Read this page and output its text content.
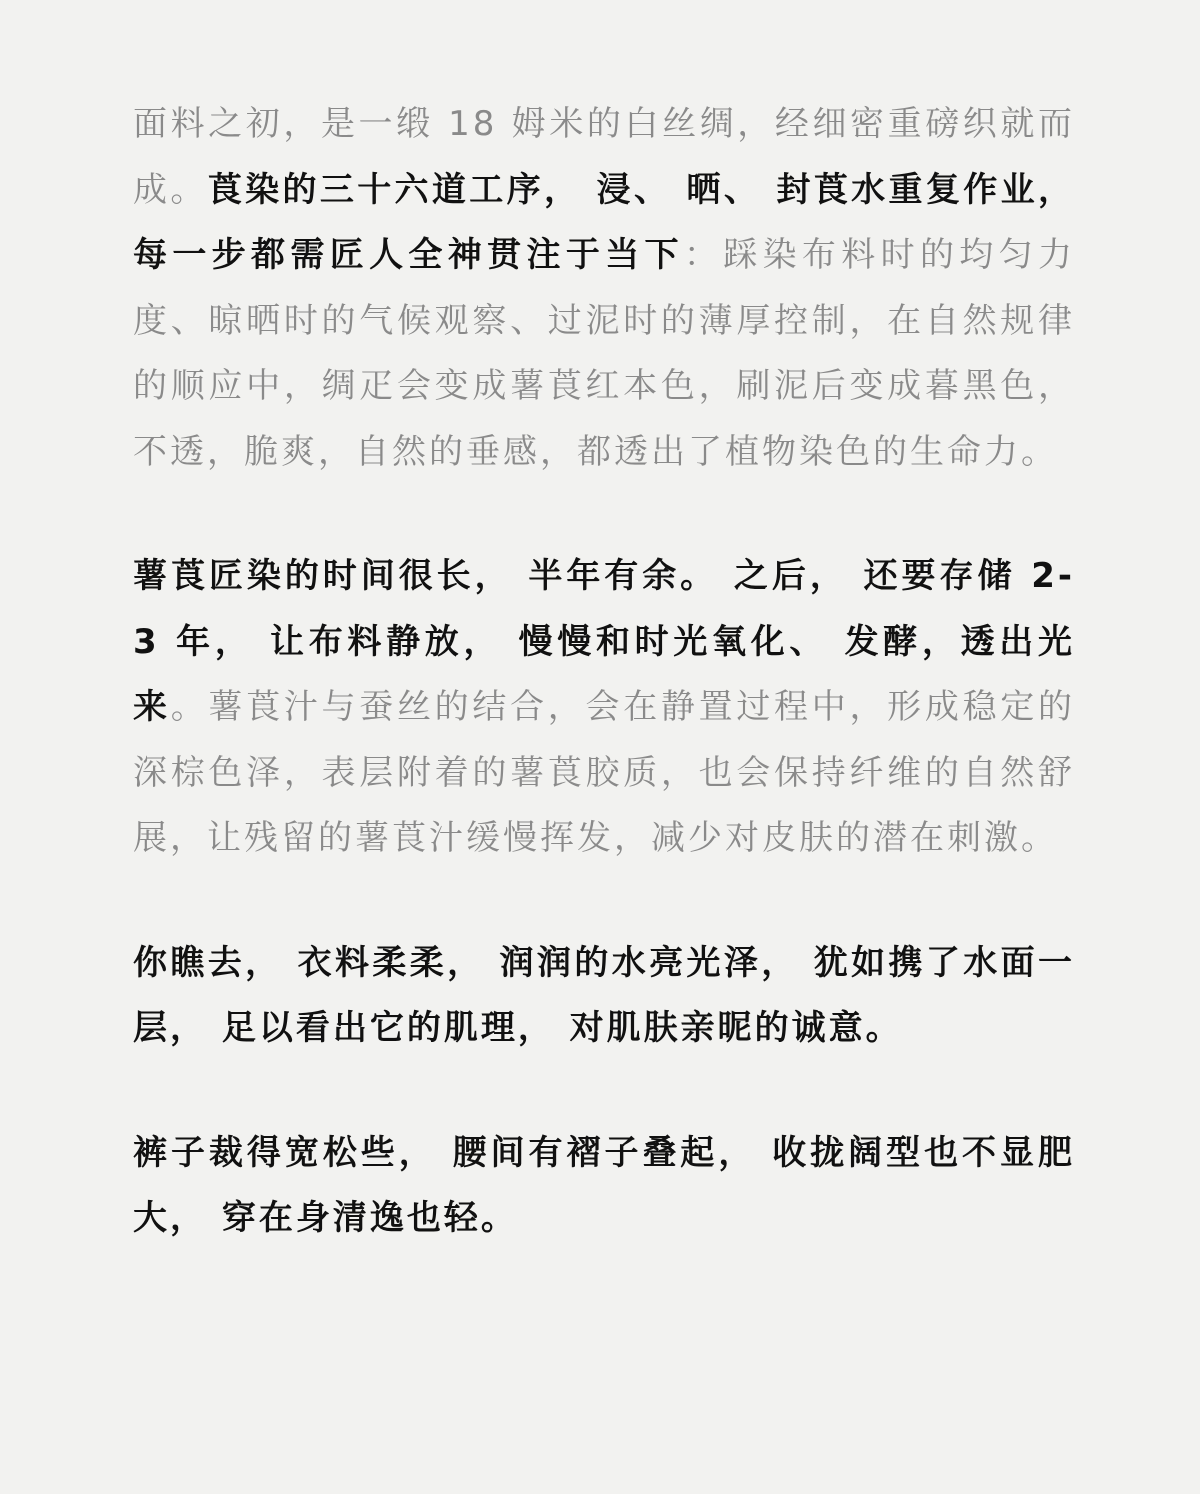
面料之初，是一缎 18 姆米的白丝绸，经细密重磅织就而成。莨染的三十六道工序， 浸、 晒、 封莨水重复作业， 每一步都需匠人全神贯注于当下：踩染布料时的均匀力度、晾晒时的气候观察、过泥时的薄厚控制，在自然规律的顺应中，绸疋会变成薯莨红本色，刷泥后变成暮黑色，不透，脆爽，自然的垂感，都透出了植物染色的生命力。

薯莨匠染的时间很长， 半年有余。 之后， 还要存储 2-3 年， 让布料静放， 慢慢和时光氧化、 发酵，透出光来。薯莨汁与蚕丝的结合，会在静置过程中，形成稳定的深棕色泽，表层附着的薯莨胶质，也会保持纤维的自然舒展，让残留的薯莨汁缓慢挥发，减少对皮肤的潜在刺激。

你瞧去， 衣料柔柔， 润润的水亮光泽， 犹如携了水面一层， 足以看出它的肌理， 对肌肤亲昵的诚意。

裤子裁得宽松些， 腰间有褶子叠起， 收拢阔型也不显肥大， 穿在身清逸也轻。
